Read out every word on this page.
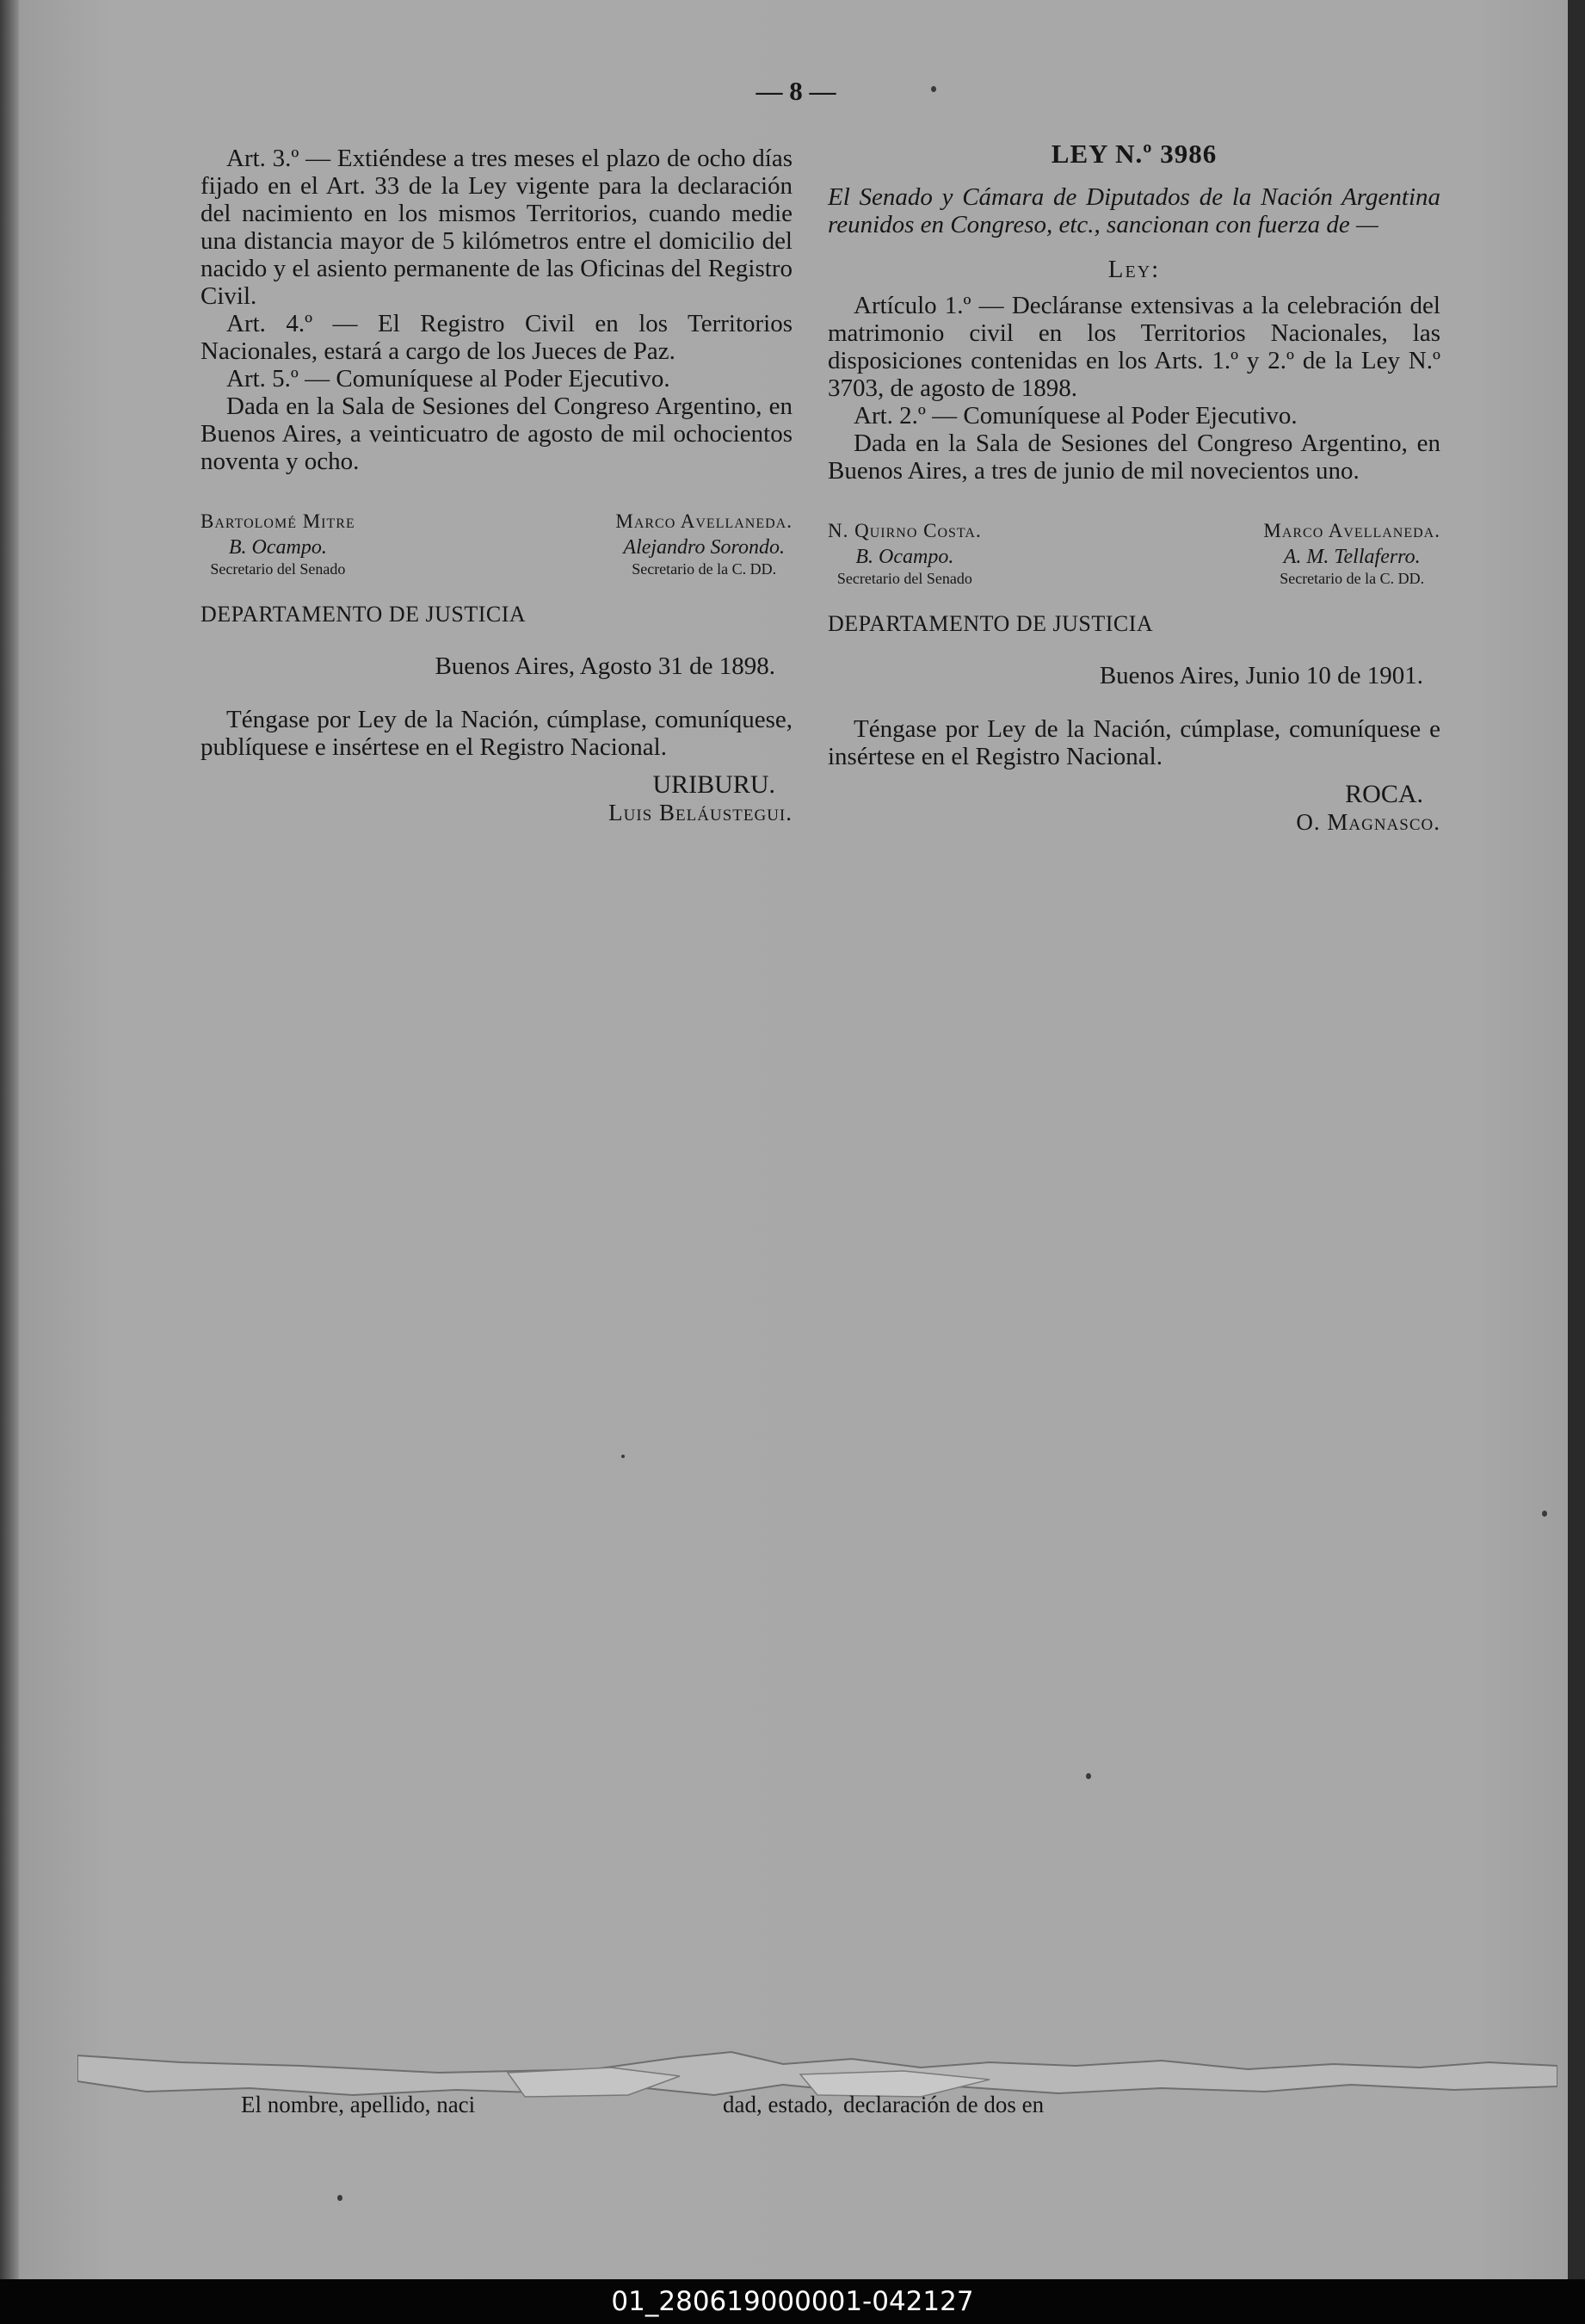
— 8 —

Art. 3.º — Extiéndese a tres meses el plazo de ocho días fijado en el Art. 33 de la Ley vigente para la declaración del nacimiento en los mismos Territorios, cuando medie una distancia mayor de 5 kilómetros entre el domicilio del nacido y el asiento permanente de las Oficinas del Registro Civil.

Art. 4.º — El Registro Civil en los Territorios Nacionales, estará a cargo de los Jueces de Paz.

Art. 5.º — Comuníquese al Poder Ejecutivo.

Dada en la Sala de Sesiones del Congreso Argentino, en Buenos Aires, a veinticuatro de agosto de mil ochocientos noventa y ocho.

Bartolomé Mitre
B. Ocampo.
Secretario del Senado
Marco Avellaneda.
Alejandro Sorondo.
Secretario de la C. DD.
DEPARTAMENTO DE JUSTICIA
Buenos Aires, Agosto 31 de 1898.

Téngase por Ley de la Nación, cúmplase, comuníquese, publíquese e insértese en el Registro Nacional.

URIBURU.
Luis Beláustegui.
LEY N.º 3986

El Senado y Cámara de Diputados de la Nación Argentina reunidos en Congreso, etc., sancionan con fuerza de —

Ley:

Artículo 1.º — Decláranse extensivas a la celebración del matrimonio civil en los Territorios Nacionales, las disposiciones contenidas en los Arts. 1.º y 2.º de la Ley N.º 3703, de agosto de 1898.

Art. 2.º — Comuníquese al Poder Ejecutivo.

Dada en la Sala de Sesiones del Congreso Argentino, en Buenos Aires, a tres de junio de mil novecientos uno.

N. Quirno Costa.
B. Ocampo.
Secretario del Senado
Marco Avellaneda.
A. M. Tellaferro.
Secretario de la C. DD.
DEPARTAMENTO DE JUSTICIA
Buenos Aires, Junio 10 de 1901.

Téngase por Ley de la Nación, cúmplase, comuníquese e insértese en el Registro Nacional.

ROCA.
O. Magnasco.
El nombre, apellido, naci	dad, estado, declaración de dos en
01_280619000001-042127
